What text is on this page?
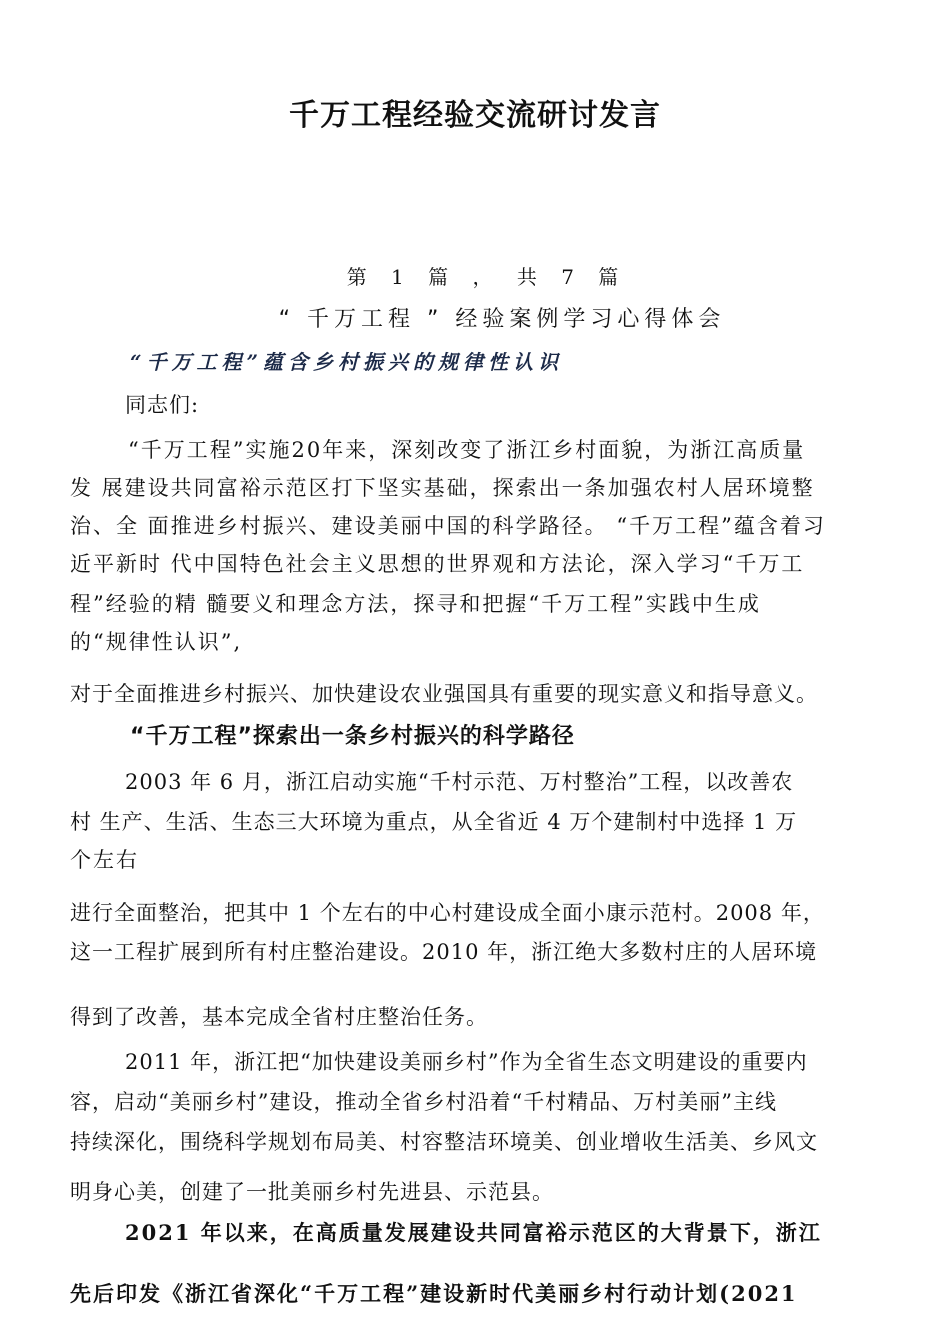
千万工程经验交流研讨发言
第 1 篇 ， 共 7 篇
“ 千万工程 ” 经验案例学习心得体会
“千万工程”蕴含乡村振兴的规律性认识
同志们:
“千万工程”实施20年来，深刻改变了浙江乡村面貌，为浙江高质量
发 展建设共同富裕示范区打下坚实基础，探索出一条加强农村人居环境整
治、全 面推进乡村振兴、建设美丽中国的科学路径。 “千万工程”蕴含着习
近平新时 代中国特色社会主义思想的世界观和方法论，深入学习“千万工
程”经验的精 髓要义和理念方法，探寻和把握“千万工程”实践中生成
的“规律性认识”,
对于全面推进乡村振兴、加快建设农业强国具有重要的现实意义和指导意义。
“千万工程”探索出一条乡村振兴的科学路径
2003 年 6 月，浙江启动实施“千村示范、万村整治”工程，以改善农
村 生产、生活、生态三大环境为重点，从全省近 4 万个建制村中选择 1 万
个左右
进行全面整治，把其中 1 个左右的中心村建设成全面小康示范村。2008 年，
这一工程扩展到所有村庄整治建设。2010 年，浙江绝大多数村庄的人居环境
得到了改善，基本完成全省村庄整治任务。
2011 年，浙江把“加快建设美丽乡村”作为全省生态文明建设的重要内
容，启动“美丽乡村”建设，推动全省乡村沿着“千村精品、万村美丽”主线
持续深化，围绕科学规划布局美、村容整洁环境美、创业增收生活美、乡风文
明身心美，创建了一批美丽乡村先进县、示范县。
2021 年以来，在高质量发展建设共同富裕示范区的大背景下，浙江
先后印发《浙江省深化“千万工程”建设新时代美丽乡村行动计划(2021
